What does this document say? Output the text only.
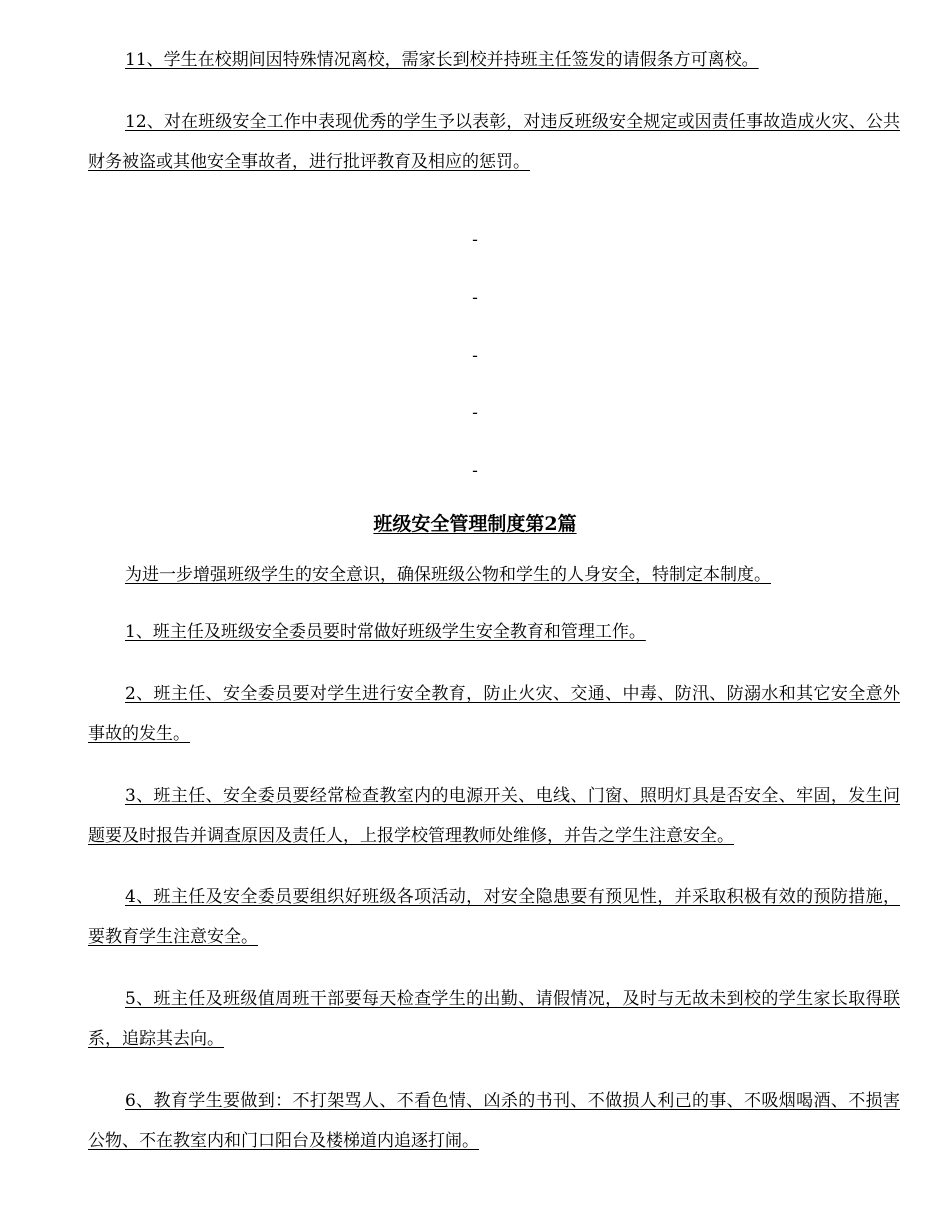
11、学生在校期间因特殊情况离校，需家长到校并持班主任签发的请假条方可离校。

12、对在班级安全工作中表现优秀的学生予以表彰，对违反班级安全规定或因责任事故造成火灾、公共财务被盗或其他安全事故者，进行批评教育及相应的惩罚。

-
-
-
-
-
班级安全管理制度第2篇

为进一步增强班级学生的安全意识，确保班级公物和学生的人身安全，特制定本制度。

1、班主任及班级安全委员要时常做好班级学生安全教育和管理工作。

2、班主任、安全委员要对学生进行安全教育，防止火灾、交通、中毒、防汛、防溺水和其它安全意外事故的发生。

3、班主任、安全委员要经常检查教室内的电源开关、电线、门窗、照明灯具是否安全、牢固，发生问题要及时报告并调查原因及责任人，上报学校管理教师处维修，并告之学生注意安全。

4、班主任及安全委员要组织好班级各项活动，对安全隐患要有预见性，并采取积极有效的预防措施，要教育学生注意安全。

5、班主任及班级值周班干部要每天检查学生的出勤、请假情况，及时与无故未到校的学生家长取得联系，追踪其去向。

6、教育学生要做到：不打架骂人、不看色情、凶杀的书刊、不做损人利己的事、不吸烟喝酒、不损害公物、不在教室内和门口阳台及楼梯道内追逐打闹。
